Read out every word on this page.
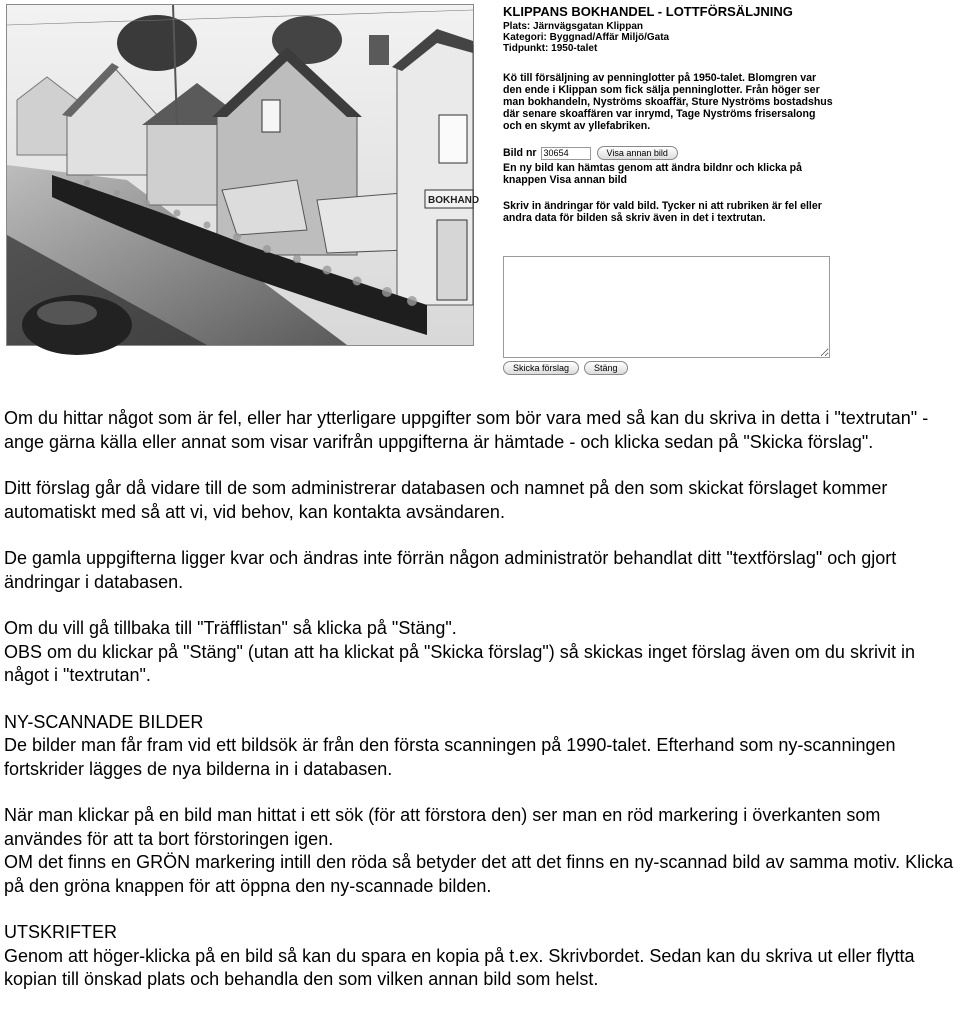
BOKHAND
KLIPPANS BOKHANDEL - LOTTFÖRSÄLJNING
Plats: Järnvägsgatan Klippan
Kategori: Byggnad/Affär Miljö/Gata
Tidpunkt: 1950-talet
Kö till försäljning av penninglotter på 1950-talet. Blomgren var den ende i Klippan som fick sälja penninglotter. Från höger ser man bokhandeln, Nyströms skoaffär, Sture Nyströms bostadshus där senare skoaffären var inrymd, Tage Nyströms frisersalong och en skymt av yllefabriken.
Bild nr
30654	Visa annan bild
En ny bild kan hämtas genom att ändra bildnr och klicka på knappen Visa annan bild
Skriv in ändringar för vald bild. Tycker ni att rubriken är fel eller andra data för bilden så skriv även in det i textrutan.
Skicka förslag	Stäng

Om du hittar något som är fel, eller har ytterligare uppgifter som bör vara med så kan du skriva in detta i "textrutan" - ange gärna källa eller annat som visar varifrån uppgifterna är hämtade - och klicka sedan på "Skicka förslag".

Ditt förslag går då vidare till de som administrerar databasen och namnet på den som skickat förslaget kommer automatiskt med så att vi, vid behov, kan kontakta avsändaren.

De gamla uppgifterna ligger kvar och ändras inte förrän någon administratör behandlat ditt "textförslag" och gjort ändringar i databasen.

Om du vill gå tillbaka till "Träfflistan" så klicka på "Stäng".

OBS om du klickar på "Stäng" (utan att ha klickat på "Skicka förslag") så skickas inget förslag även om du skrivit in något i "textrutan".

NY-SCANNADE BILDER

De bilder man får fram vid ett bildsök är från den första scanningen på 1990-talet. Efterhand som ny-scanningen fortskrider lägges de nya bilderna in i databasen.

När man klickar på en bild man hittat i ett sök (för att förstora den) ser man en röd markering i överkanten som användes för att ta bort förstoringen igen.

OM det finns en GRÖN markering intill den röda så betyder det att det finns en ny-scannad bild av samma motiv. Klicka på den gröna knappen för att öppna den ny-scannade bilden.

UTSKRIFTER

Genom att höger-klicka på en bild så kan du spara en kopia på t.ex. Skrivbordet. Sedan kan du skriva ut eller flytta kopian till önskad plats och behandla den som vilken annan bild som helst.
